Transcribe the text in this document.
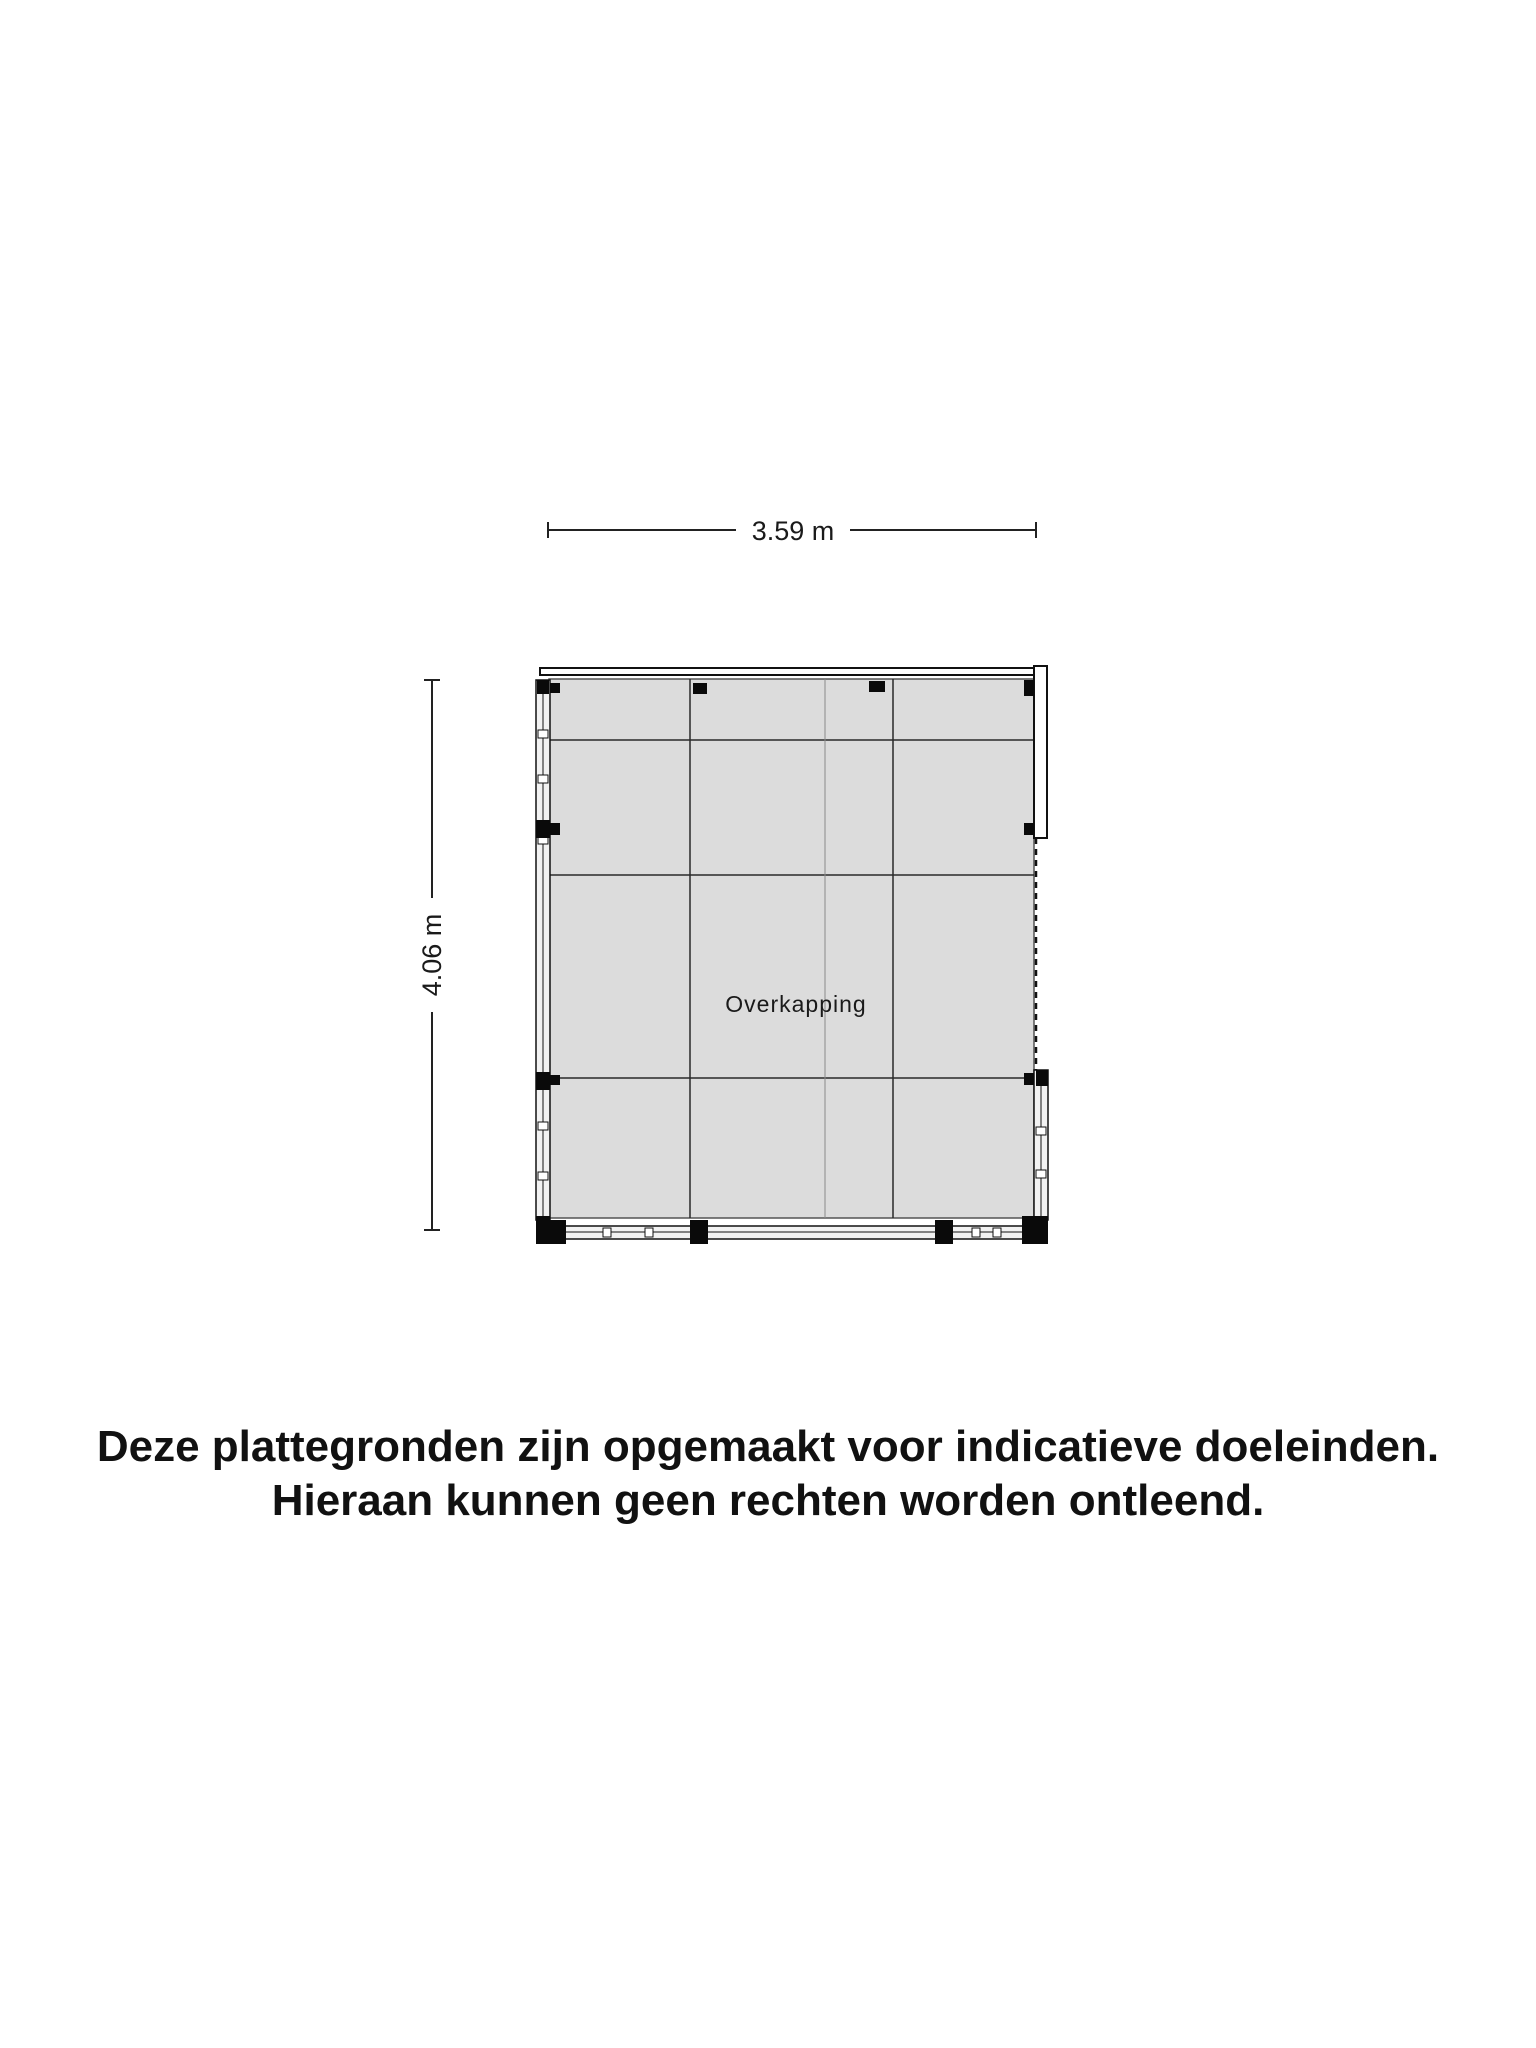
3.59 m
4.06 m
Overkapping
Deze plattegronden zijn opgemaakt voor indicatieve doeleinden.
Hieraan kunnen geen rechten worden ontleend.
